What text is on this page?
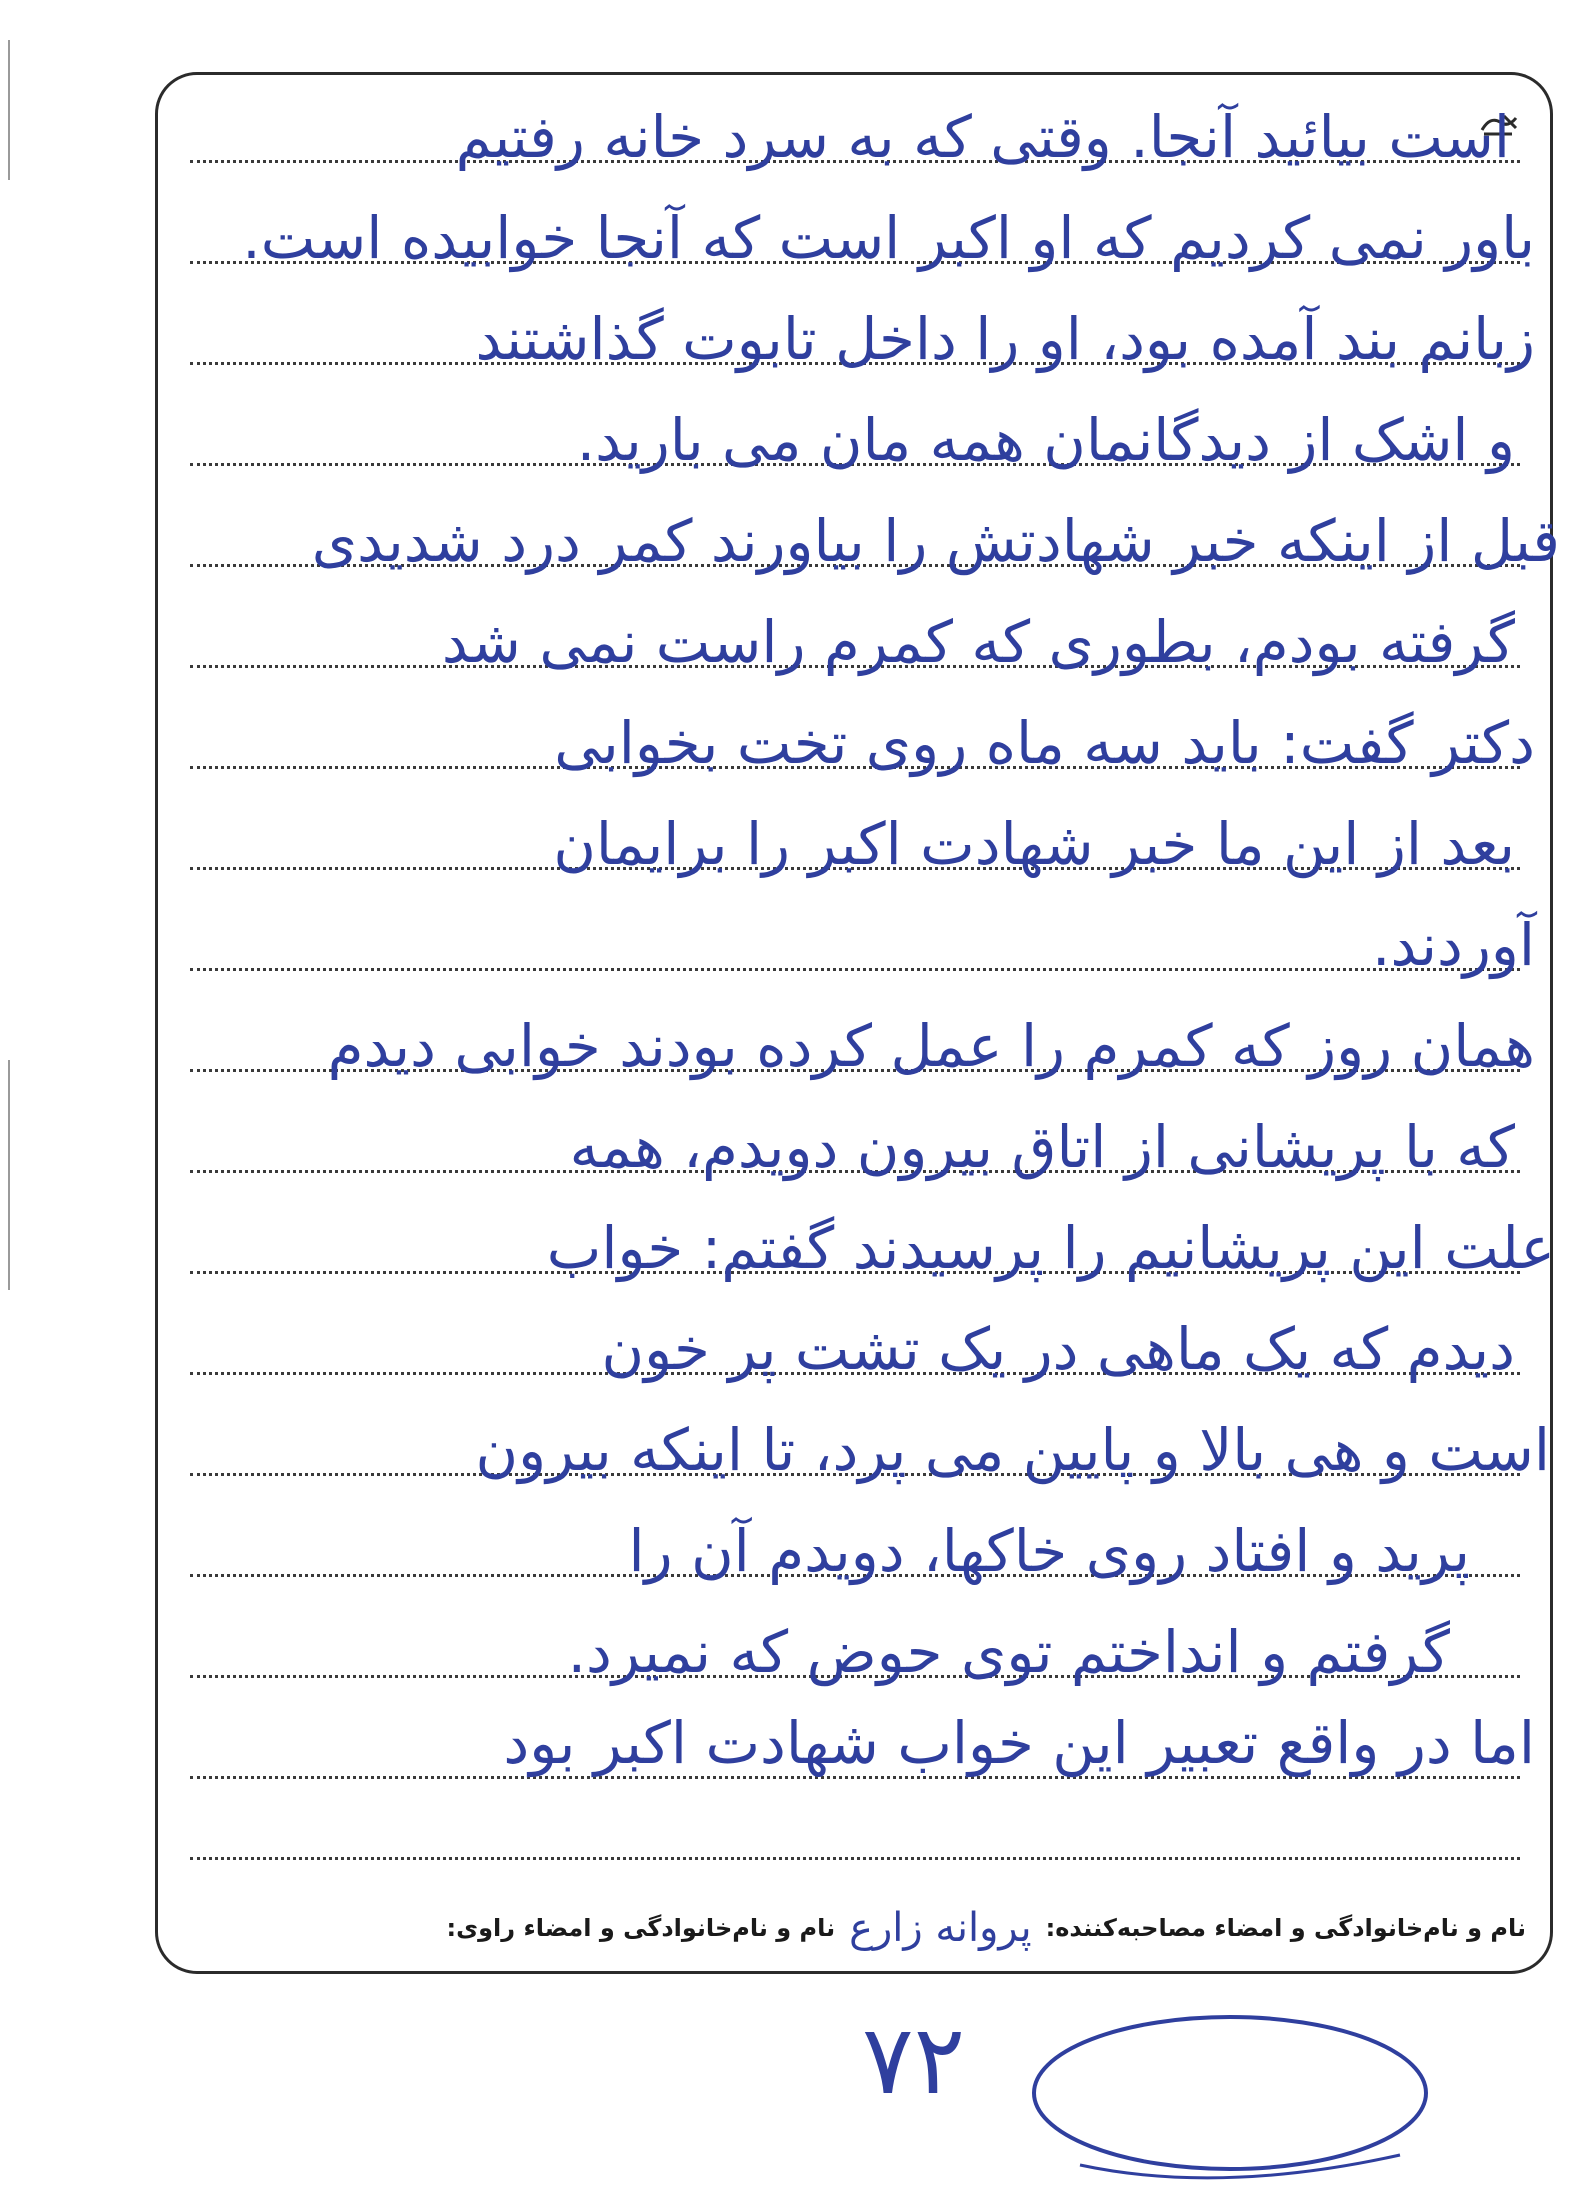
است بیائید آنجا. وقتی که به سرد خانه رفتیم
باور نمی کردیم که او اکبر است که آنجا خوابیده است.
زبانم بند آمده بود، او را داخل تابوت گذاشتند
و اشک از دیدگانمان همه مان می بارید.
قبل از اینکه خبر شهادتش را بیاورند کمر درد شدیدی
گرفته بودم، بطوری که کمرم راست نمی شد
دکتر گفت: باید سه ماه روی تخت بخوابی
بعد از این ما خبر شهادت اکبر را برایمان
آوردند.
همان روز که کمرم را عمل کرده بودند خوابی دیدم
که با پریشانی از اتاق بیرون دویدم، همه
علت این پریشانیم را پرسیدند گفتم: خواب
دیدم که یک ماهی در یک تشت پر خون
است و هی بالا و پایین می پرد، تا اینکه بیرون
پرید و افتاد روی خاکها، دویدم آن را
گرفتم و انداختم توی حوض که نمیرد.
اما در واقع تعبیر این خواب شهادت اکبر بود
نام و نام‌خانوادگی و امضاء مصاحبه‌کننده:
پروانه زارع
نام و نام‌خانوادگی و امضاء راوی:
۷۲
